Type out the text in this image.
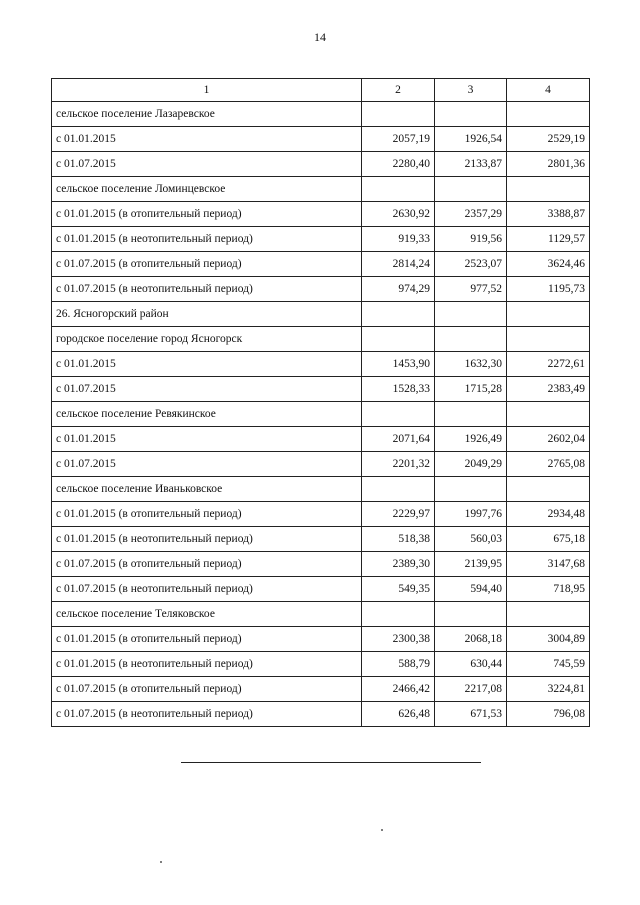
14
1	2	3	4
сельское поселение Лазаревское			
с 01.01.2015	2057,19	1926,54	2529,19
с 01.07.2015	2280,40	2133,87	2801,36
сельское поселение Ломинцевское			
с 01.01.2015 (в отопительный период)	2630,92	2357,29	3388,87
с 01.01.2015 (в неотопительный период)	919,33	919,56	1129,57
с 01.07.2015 (в отопительный период)	2814,24	2523,07	3624,46
с 01.07.2015 (в неотопительный период)	974,29	977,52	1195,73
26. Ясногорский район			
городское поселение город Ясногорск			
с 01.01.2015	1453,90	1632,30	2272,61
с 01.07.2015	1528,33	1715,28	2383,49
сельское поселение Ревякинское			
с 01.01.2015	2071,64	1926,49	2602,04
с 01.07.2015	2201,32	2049,29	2765,08
сельское поселение Иваньковское			
с 01.01.2015 (в отопительный период)	2229,97	1997,76	2934,48
с 01.01.2015 (в неотопительный период)	518,38	560,03	675,18
с 01.07.2015 (в отопительный период)	2389,30	2139,95	3147,68
с 01.07.2015 (в неотопительный период)	549,35	594,40	718,95
сельское поселение Теляковское			
с 01.01.2015 (в отопительный период)	2300,38	2068,18	3004,89
с 01.01.2015 (в неотопительный период)	588,79	630,44	745,59
с 01.07.2015 (в отопительный период)	2466,42	2217,08	3224,81
с 01.07.2015 (в неотопительный период)	626,48	671,53	796,08
